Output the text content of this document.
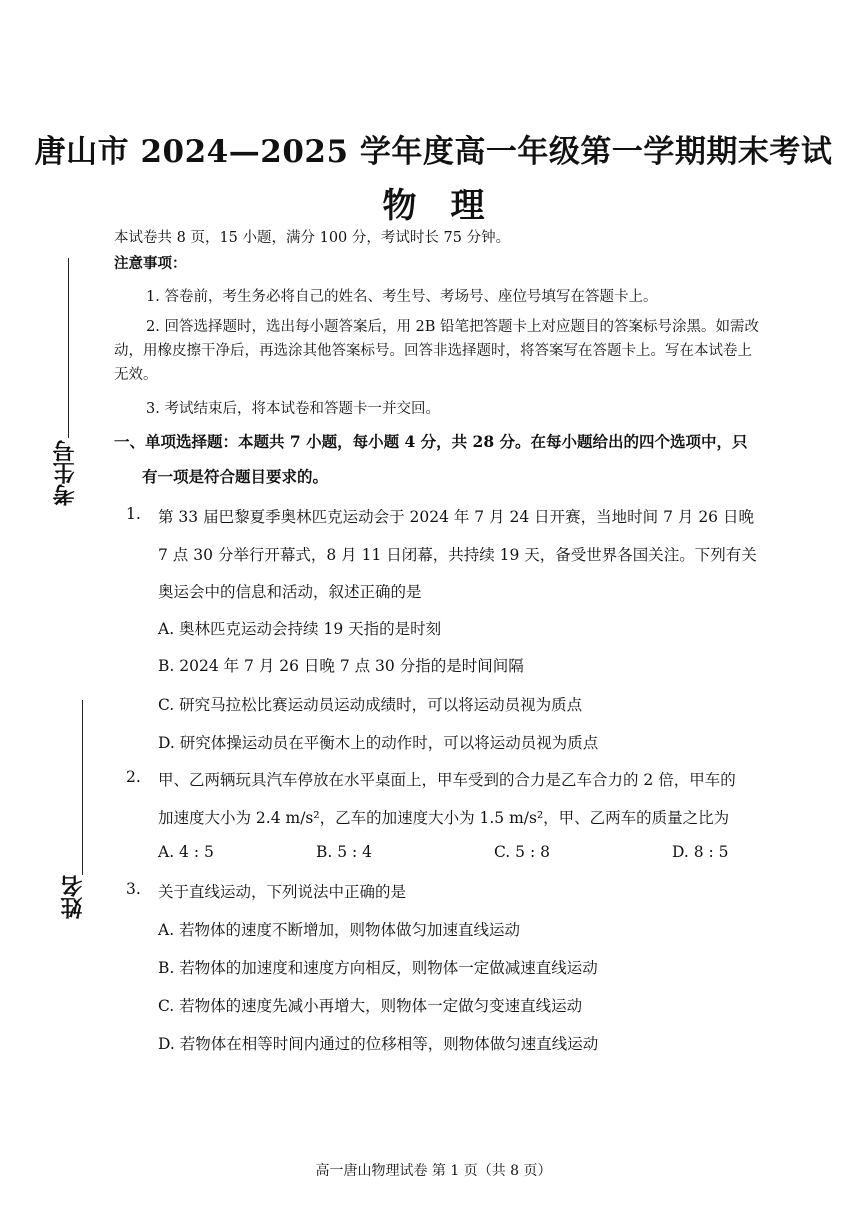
考生号
姓名
唐山市 2024—2025 学年度高一年级第一学期期末考试
物理
本试卷共 8 页，15 小题，满分 100 分，考试时长 75 分钟。
注意事项：
1. 答卷前，考生务必将自己的姓名、考生号、考场号、座位号填写在答题卡上。
2. 回答选择题时，选出每小题答案后，用 2B 铅笔把答题卡上对应题目的答案标号涂黑。如需改
动，用橡皮擦干净后，再选涂其他答案标号。回答非选择题时，将答案写在答题卡上。写在本试卷上
无效。
3. 考试结束后，将本试卷和答题卡一并交回。
一、单项选择题：本题共 7 小题，每小题 4 分，共 28 分。在每小题给出的四个选项中，只
有一项是符合题目要求的。
1. 第 33 届巴黎夏季奥林匹克运动会于 2024 年 7 月 24 日开赛，当地时间 7 月 26 日晚
7 点 30 分举行开幕式，8 月 11 日闭幕，共持续 19 天，备受世界各国关注。下列有关
奥运会中的信息和活动，叙述正确的是
A. 奥林匹克运动会持续 19 天指的是时刻
B. 2024 年 7 月 26 日晚 7 点 30 分指的是时间间隔
C. 研究马拉松比赛运动员运动成绩时，可以将运动员视为质点
D. 研究体操运动员在平衡木上的动作时，可以将运动员视为质点
2. 甲、乙两辆玩具汽车停放在水平桌面上，甲车受到的合力是乙车合力的 2 倍，甲车的
加速度大小为 2.4 m/s²，乙车的加速度大小为 1.5 m/s²，甲、乙两车的质量之比为
A. 4 : 5	B. 5 : 4	C. 5 : 8	D. 8 : 5
3. 关于直线运动，下列说法中正确的是
A. 若物体的速度不断增加，则物体做匀加速直线运动
B. 若物体的加速度和速度方向相反，则物体一定做减速直线运动
C. 若物体的速度先减小再增大，则物体一定做匀变速直线运动
D. 若物体在相等时间内通过的位移相等，则物体做匀速直线运动
高一唐山物理试卷 第 1 页（共 8 页）
